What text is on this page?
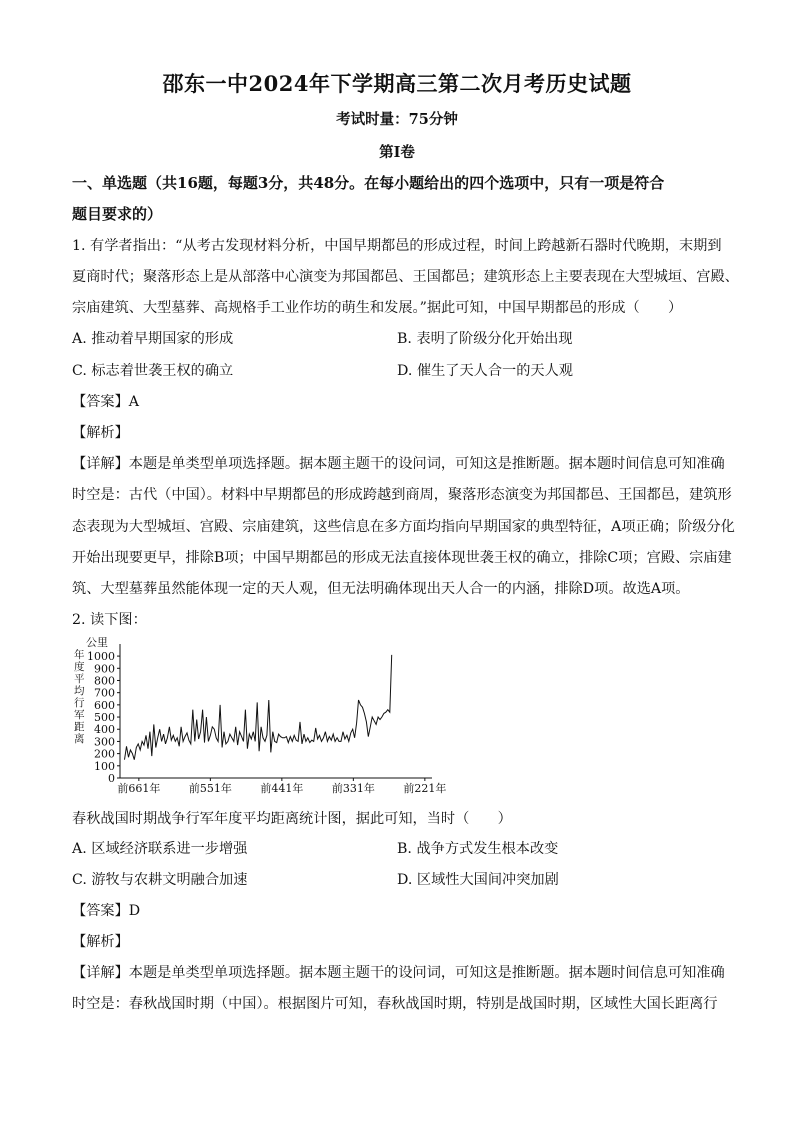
邵东一中2024年下学期高三第二次月考历史试题
考试时量：75分钟
第Ⅰ卷
一、单选题（共16题，每题3分，共48分。在每小题给出的四个选项中，只有一项是符合
题目要求的）
1. 有学者指出：“从考古发现材料分析，中国早期都邑的形成过程，时间上跨越新石器时代晚期，末期到
夏商时代；聚落形态上是从部落中心演变为邦国都邑、王国都邑；建筑形态上主要表现在大型城垣、宫殿、
宗庙建筑、大型墓葬、高规格手工业作坊的萌生和发展。”据此可知，中国早期都邑的形成（　　）
A. 推动着早期国家的形成	B. 表明了阶级分化开始出现
C. 标志着世袭王权的确立	D. 催生了天人合一的天人观
【答案】A
【解析】
【详解】本题是单类型单项选择题。据本题主题干的设问词，可知这是推断题。据本题时间信息可知准确
时空是：古代（中国）。材料中早期都邑的形成跨越到商周，聚落形态演变为邦国都邑、王国都邑，建筑形
态表现为大型城垣、宫殿、宗庙建筑，这些信息在多方面均指向早期国家的典型特征，A项正确；阶级分化
开始出现要更早，排除B项；中国早期都邑的形成无法直接体现世袭王权的确立，排除C项；宫殿、宗庙建
筑、大型墓葬虽然能体现一定的天人观，但无法明确体现出天人合一的内涵，排除D项。故选A项。
2. 读下图：
年
度
平
均
行
军
距
离
公里
0
100
200
300
400
500
600
700
800
900
1000
前661年	前551年	前441年	前331年	前221年
春秋战国时期战争行军年度平均距离统计图，据此可知，当时（　　）
A. 区域经济联系进一步增强	B. 战争方式发生根本改变
C. 游牧与农耕文明融合加速	D. 区域性大国间冲突加剧
【答案】D
【解析】
【详解】本题是单类型单项选择题。据本题主题干的设问词，可知这是推断题。据本题时间信息可知准确
时空是：春秋战国时期（中国）。根据图片可知，春秋战国时期，特别是战国时期，区域性大国长距离行
